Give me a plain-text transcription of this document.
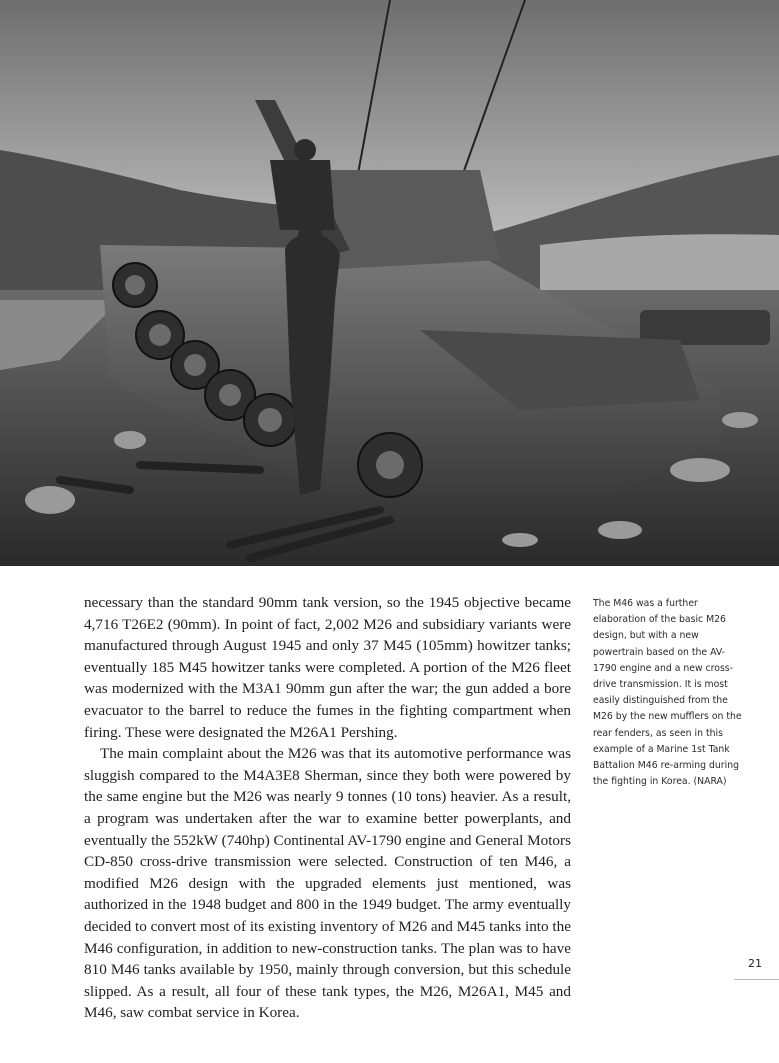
necessary than the standard 90mm tank version, so the 1945 objective became 4,716 T26E2 (90mm). In point of fact, 2,002 M26 and subsidiary variants were manufactured through August 1945 and only 37 M45 (105mm) howitzer tanks; eventually 185 M45 howitzer tanks were completed. A portion of the M26 fleet was modernized with the M3A1 90mm gun after the war; the gun added a bore evacuator to the barrel to reduce the fumes in the fighting compartment when firing. These were designated the M26A1 Pershing.

The main complaint about the M26 was that its automotive performance was sluggish compared to the M4A3E8 Sherman, since they both were powered by the same engine but the M26 was nearly 9 tonnes (10 tons) heavier. As a result, a program was undertaken after the war to examine better powerplants, and eventually the 552kW (740hp) Continental AV-1790 engine and General Motors CD-850 cross-drive transmission were selected. Construction of ten M46, a modified M26 design with the upgraded elements just mentioned, was authorized in the 1948 budget and 800 in the 1949 budget. The army eventually decided to convert most of its existing inventory of M26 and M45 tanks into the M46 configuration, in addition to new-construction tanks. The plan was to have 810 M46 tanks available by 1950, mainly through conversion, but this schedule slipped. As a result, all four of these tank types, the M26, M26A1, M45 and M46, saw combat service in Korea.

The M46 was a further elaboration of the basic M26 design, but with a new powertrain based on the AV-1790 engine and a new cross-drive transmission. It is most easily distinguished from the M26 by the new mufflers on the rear fenders, as seen in this example of a Marine 1st Tank Battalion M46 re-arming during the fighting in Korea. (NARA)
21
